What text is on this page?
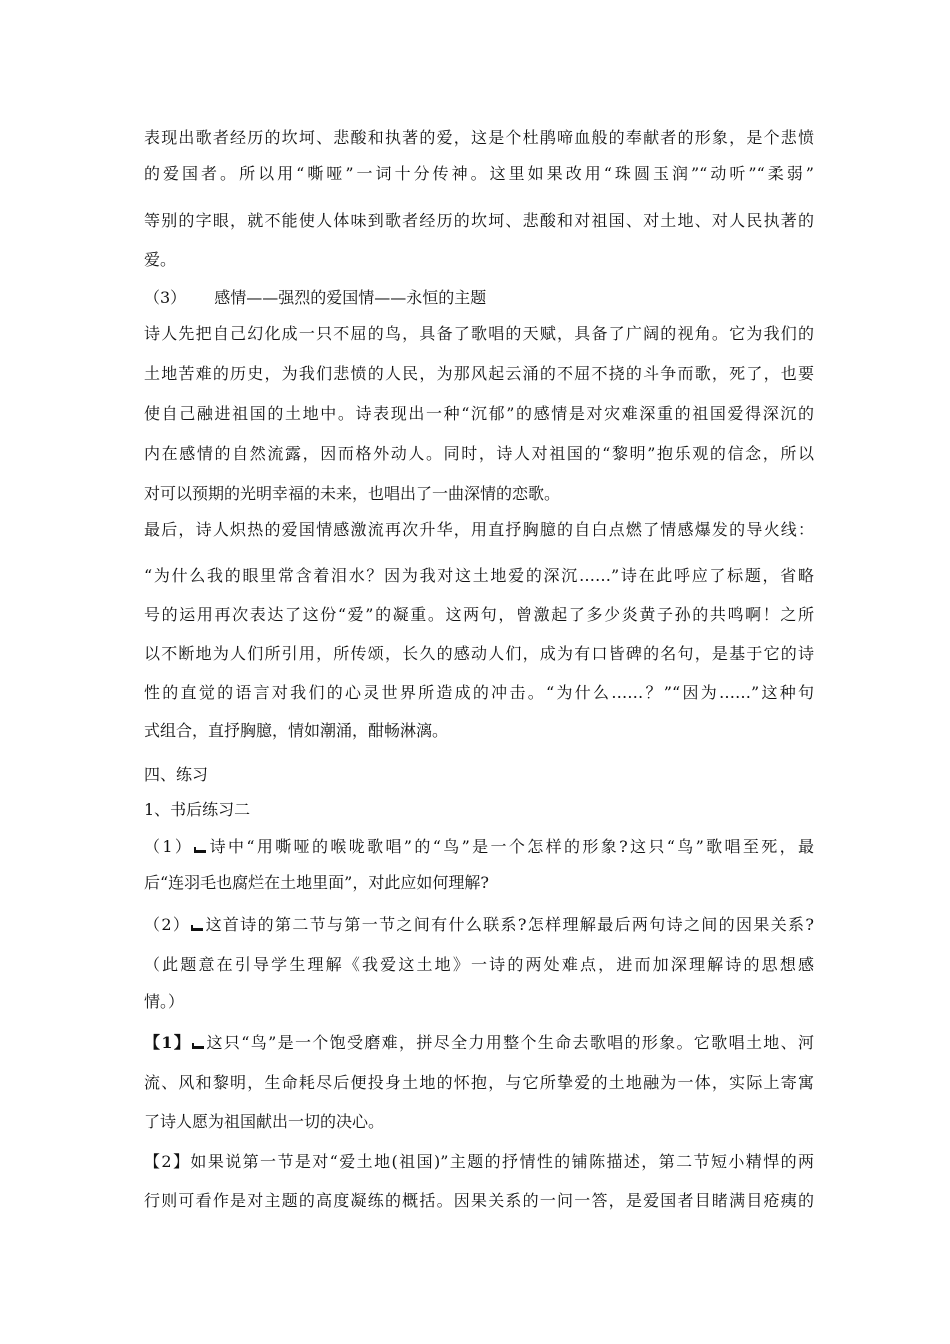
表现出歌者经历的坎坷、悲酸和执著的爱，这是个杜鹃啼血般的奉献者的形象，是个悲愤
的爱国者。所以用“嘶哑”一词十分传神。这里如果改用“珠圆玉润”“动听”“柔弱”
等别的字眼，就不能使人体味到歌者经历的坎坷、悲酸和对祖国、对土地、对人民执著的
爱。
（3） 感情——强烈的爱国情——永恒的主题
诗人先把自己幻化成一只不屈的鸟，具备了歌唱的天赋，具备了广阔的视角。它为我们的
土地苦难的历史，为我们悲愤的人民，为那风起云涌的不屈不挠的斗争而歌，死了，也要
使自己融进祖国的土地中。诗表现出一种“沉郁”的感情是对灾难深重的祖国爱得深沉的
内在感情的自然流露，因而格外动人。同时，诗人对祖国的“黎明”抱乐观的信念，所以
对可以预期的光明幸福的未来，也唱出了一曲深情的恋歌。
最后，诗人炽热的爱国情感激流再次升华，用直抒胸臆的自白点燃了情感爆发的导火线：
“为什么我的眼里常含着泪水？因为我对这土地爱的深沉……”诗在此呼应了标题，省略
号的运用再次表达了这份“爱”的凝重。这两句，曾激起了多少炎黄子孙的共鸣啊！之所
以不断地为人们所引用，所传颂，长久的感动人们，成为有口皆碑的名句，是基于它的诗
性的直觉的语言对我们的心灵世界所造成的冲击。“为什么……？”“因为……”这种句
式组合，直抒胸臆，情如潮涌，酣畅淋漓。
四、练习
1、书后练习二
（1） 诗中“用嘶哑的喉咙歌唱”的“鸟”是一个怎样的形象?这只“鸟”歌唱至死，最
后“连羽毛也腐烂在土地里面”，对此应如何理解?
（2） 这首诗的第二节与第一节之间有什么联系?怎样理解最后两句诗之间的因果关系?
（此题意在引导学生理解《我爱这土地》一诗的两处难点，进而加深理解诗的思想感
情。）
【1】 这只“鸟”是一个饱受磨难，拼尽全力用整个生命去歌唱的形象。它歌唱土地、河
流、风和黎明，生命耗尽后便投身土地的怀抱，与它所挚爱的土地融为一体，实际上寄寓
了诗人愿为祖国献出一切的决心。
【2】如果说第一节是对“爱土地(祖国)”主题的抒情性的铺陈描述，第二节短小精悍的两
行则可看作是对主题的高度凝练的概括。因果关系的一问一答，是爱国者目睹满目疮痍的
